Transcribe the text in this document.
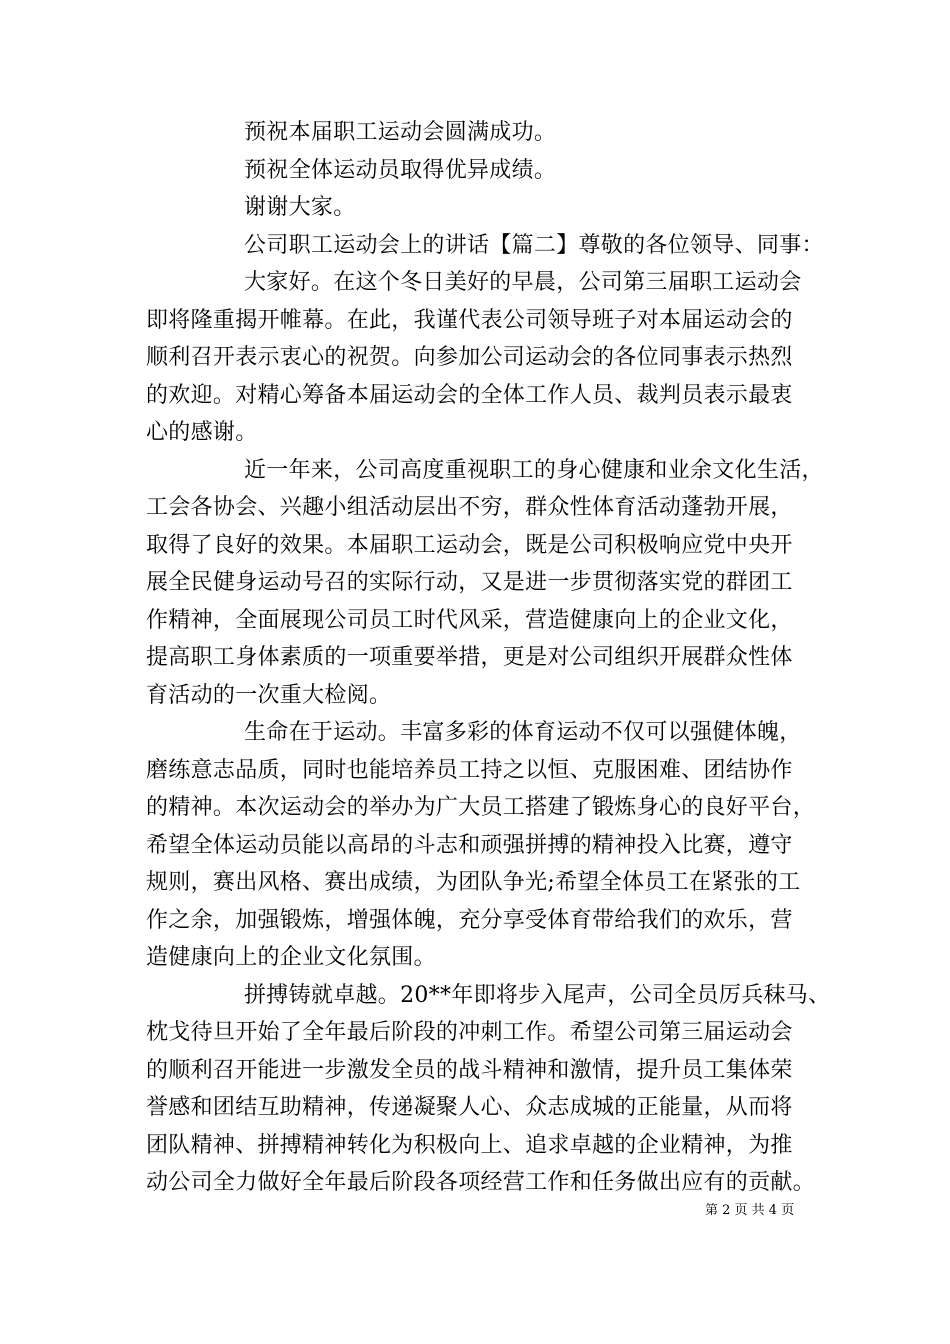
预祝本届职工运动会圆满成功。
预祝全体运动员取得优异成绩。
谢谢大家。
公司职工运动会上的讲话【篇二】尊敬的各位领导、同事：
大家好。在这个冬日美好的早晨，公司第三届职工运动会
即将隆重揭开帷幕。在此，我谨代表公司领导班子对本届运动会的
顺利召开表示衷心的祝贺。向参加公司运动会的各位同事表示热烈
的欢迎。对精心筹备本届运动会的全体工作人员、裁判员表示最衷
心的感谢。
近一年来，公司高度重视职工的身心健康和业余文化生活，
工会各协会、兴趣小组活动层出不穷，群众性体育活动蓬勃开展，
取得了良好的效果。本届职工运动会，既是公司积极响应党中央开
展全民健身运动号召的实际行动，又是进一步贯彻落实党的群团工
作精神，全面展现公司员工时代风采，营造健康向上的企业文化，
提高职工身体素质的一项重要举措，更是对公司组织开展群众性体
育活动的一次重大检阅。
生命在于运动。丰富多彩的体育运动不仅可以强健体魄，
磨练意志品质，同时也能培养员工持之以恒、克服困难、团结协作
的精神。本次运动会的举办为广大员工搭建了锻炼身心的良好平台，
希望全体运动员能以高昂的斗志和顽强拼搏的精神投入比赛，遵守
规则，赛出风格、赛出成绩，为团队争光;希望全体员工在紧张的工
作之余，加强锻炼，增强体魄，充分享受体育带给我们的欢乐，营
造健康向上的企业文化氛围。
拼搏铸就卓越。20**年即将步入尾声，公司全员厉兵秣马、
枕戈待旦开始了全年最后阶段的冲刺工作。希望公司第三届运动会
的顺利召开能进一步激发全员的战斗精神和激情，提升员工集体荣
誉感和团结互助精神，传递凝聚人心、众志成城的正能量，从而将
团队精神、拼搏精神转化为积极向上、追求卓越的企业精神，为推
动公司全力做好全年最后阶段各项经营工作和任务做出应有的贡献。
第 2 页 共 4 页
